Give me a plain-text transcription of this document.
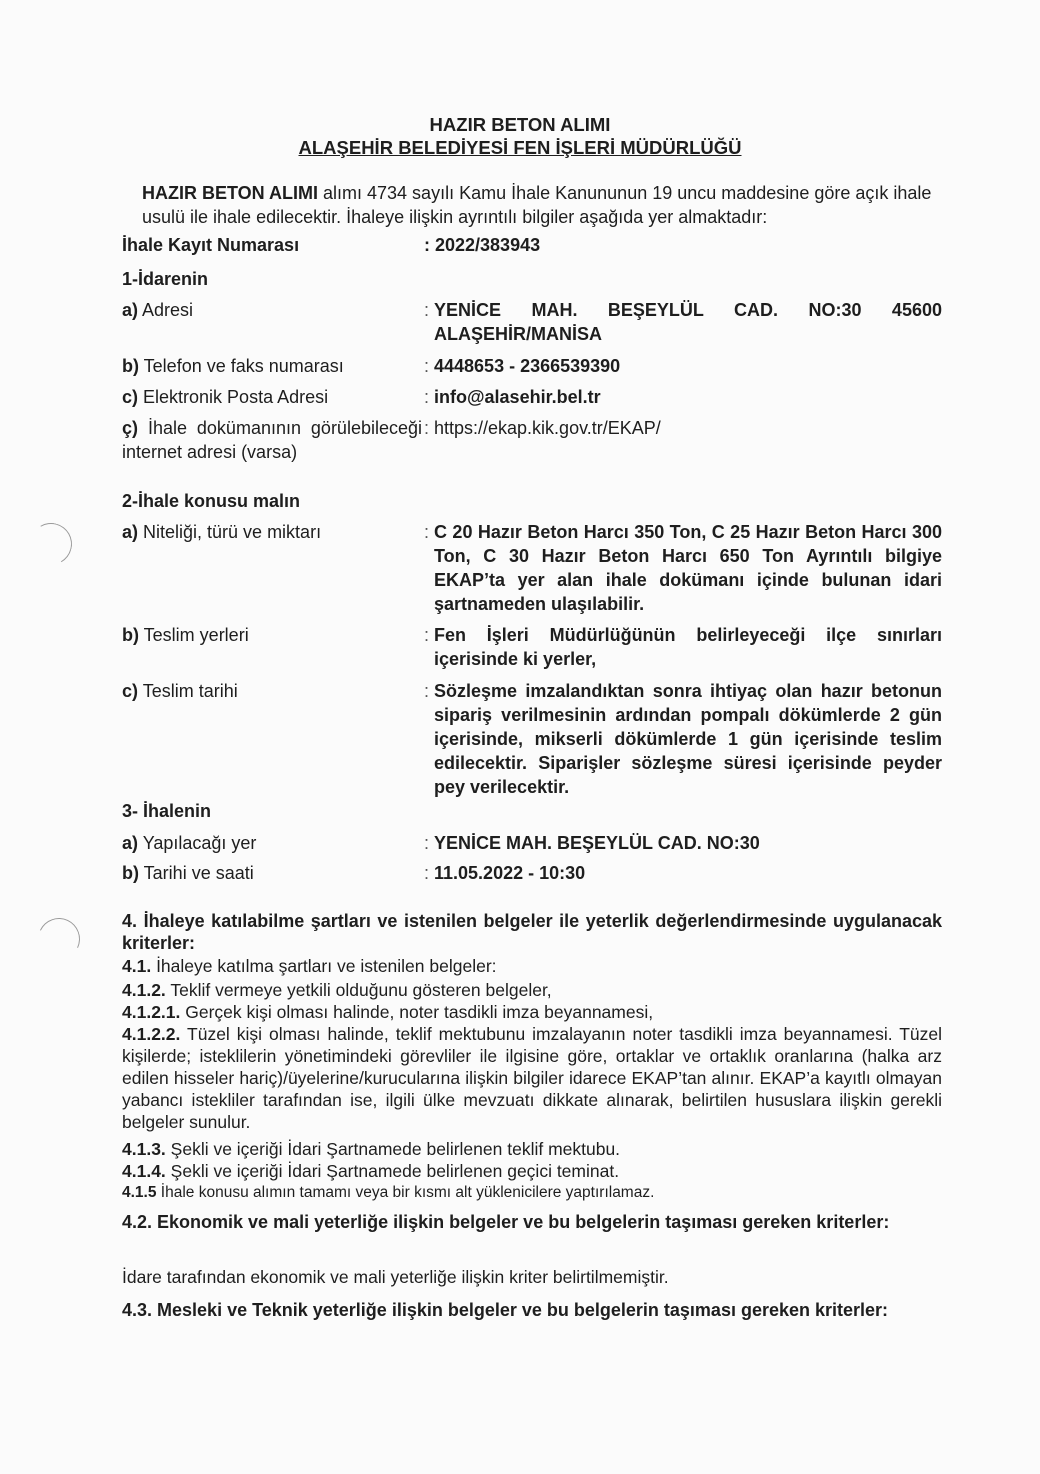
HAZIR BETON ALIMI
ALAŞEHİR BELEDİYESİ FEN İŞLERİ MÜDÜRLÜĞÜ
HAZIR BETON ALIMI alımı 4734 sayılı Kamu İhale Kanununun 19 uncu maddesine göre açık ihale usulü ile ihale edilecektir. İhaleye ilişkin ayrıntılı bilgiler aşağıda yer almaktadır:
İhale Kayıt Numarası	: 2022/383943
1-İdarenin
a) Adresi	: YENİCE MAH. BEŞEYLÜL CAD. NO:30 45600 ALAŞEHİR/MANİSA
b) Telefon ve faks numarası	: 4448653 - 2366539390
c) Elektronik Posta Adresi	: info@alasehir.bel.tr
ç) İhale dokümanının görülebileceği internet adresi (varsa)
: https://ekap.kik.gov.tr/EKAP/
2-İhale konusu malın
a) Niteliği, türü ve miktarı	: C 20 Hazır Beton Harcı 350 Ton, C 25 Hazır Beton Harcı 300 Ton, C 30 Hazır Beton Harcı 650 Ton Ayrıntılı bilgiye EKAP’ta yer alan ihale dokümanı içinde bulunan idari şartnameden ulaşılabilir.
b) Teslim yerleri	: Fen İşleri Müdürlüğünün belirleyeceği ilçe sınırları içerisinde ki yerler,
c) Teslim tarihi	: Sözleşme imzalandıktan sonra ihtiyaç olan hazır betonun sipariş verilmesinin ardından pompalı dökümlerde 2 gün içerisinde, mikserli dökümlerde 1 gün içerisinde teslim edilecektir. Siparişler sözleşme süresi içerisinde peyder pey verilecektir.
3- İhalenin
a) Yapılacağı yer	: YENİCE MAH. BEŞEYLÜL CAD. NO:30
b) Tarihi ve saati	: 11.05.2022 - 10:30
4. İhaleye katılabilme şartları ve istenilen belgeler ile yeterlik değerlendirmesinde uygulanacak kriterler:
4.1. İhaleye katılma şartları ve istenilen belgeler:
4.1.2. Teklif vermeye yetkili olduğunu gösteren belgeler,
4.1.2.1. Gerçek kişi olması halinde, noter tasdikli imza beyannamesi,
4.1.2.2. Tüzel kişi olması halinde, teklif mektubunu imzalayanın noter tasdikli imza beyannamesi. Tüzel kişilerde; isteklilerin yönetimindeki görevliler ile ilgisine göre, ortaklar ve ortaklık oranlarına (halka arz edilen hisseler hariç)/üyelerine/kurucularına ilişkin bilgiler idarece EKAP’tan alınır. EKAP’a kayıtlı olmayan yabancı istekliler tarafından ise, ilgili ülke mevzuatı dikkate alınarak, belirtilen hususlara ilişkin gerekli belgeler sunulur.
4.1.3. Şekli ve içeriği İdari Şartnamede belirlenen teklif mektubu.
4.1.4. Şekli ve içeriği İdari Şartnamede belirlenen geçici teminat.
4.1.5 İhale konusu alımın tamamı veya bir kısmı alt yüklenicilere yaptırılamaz.
4.2. Ekonomik ve mali yeterliğe ilişkin belgeler ve bu belgelerin taşıması gereken kriterler:
İdare tarafından ekonomik ve mali yeterliğe ilişkin kriter belirtilmemiştir.
4.3. Mesleki ve Teknik yeterliğe ilişkin belgeler ve bu belgelerin taşıması gereken kriterler:
